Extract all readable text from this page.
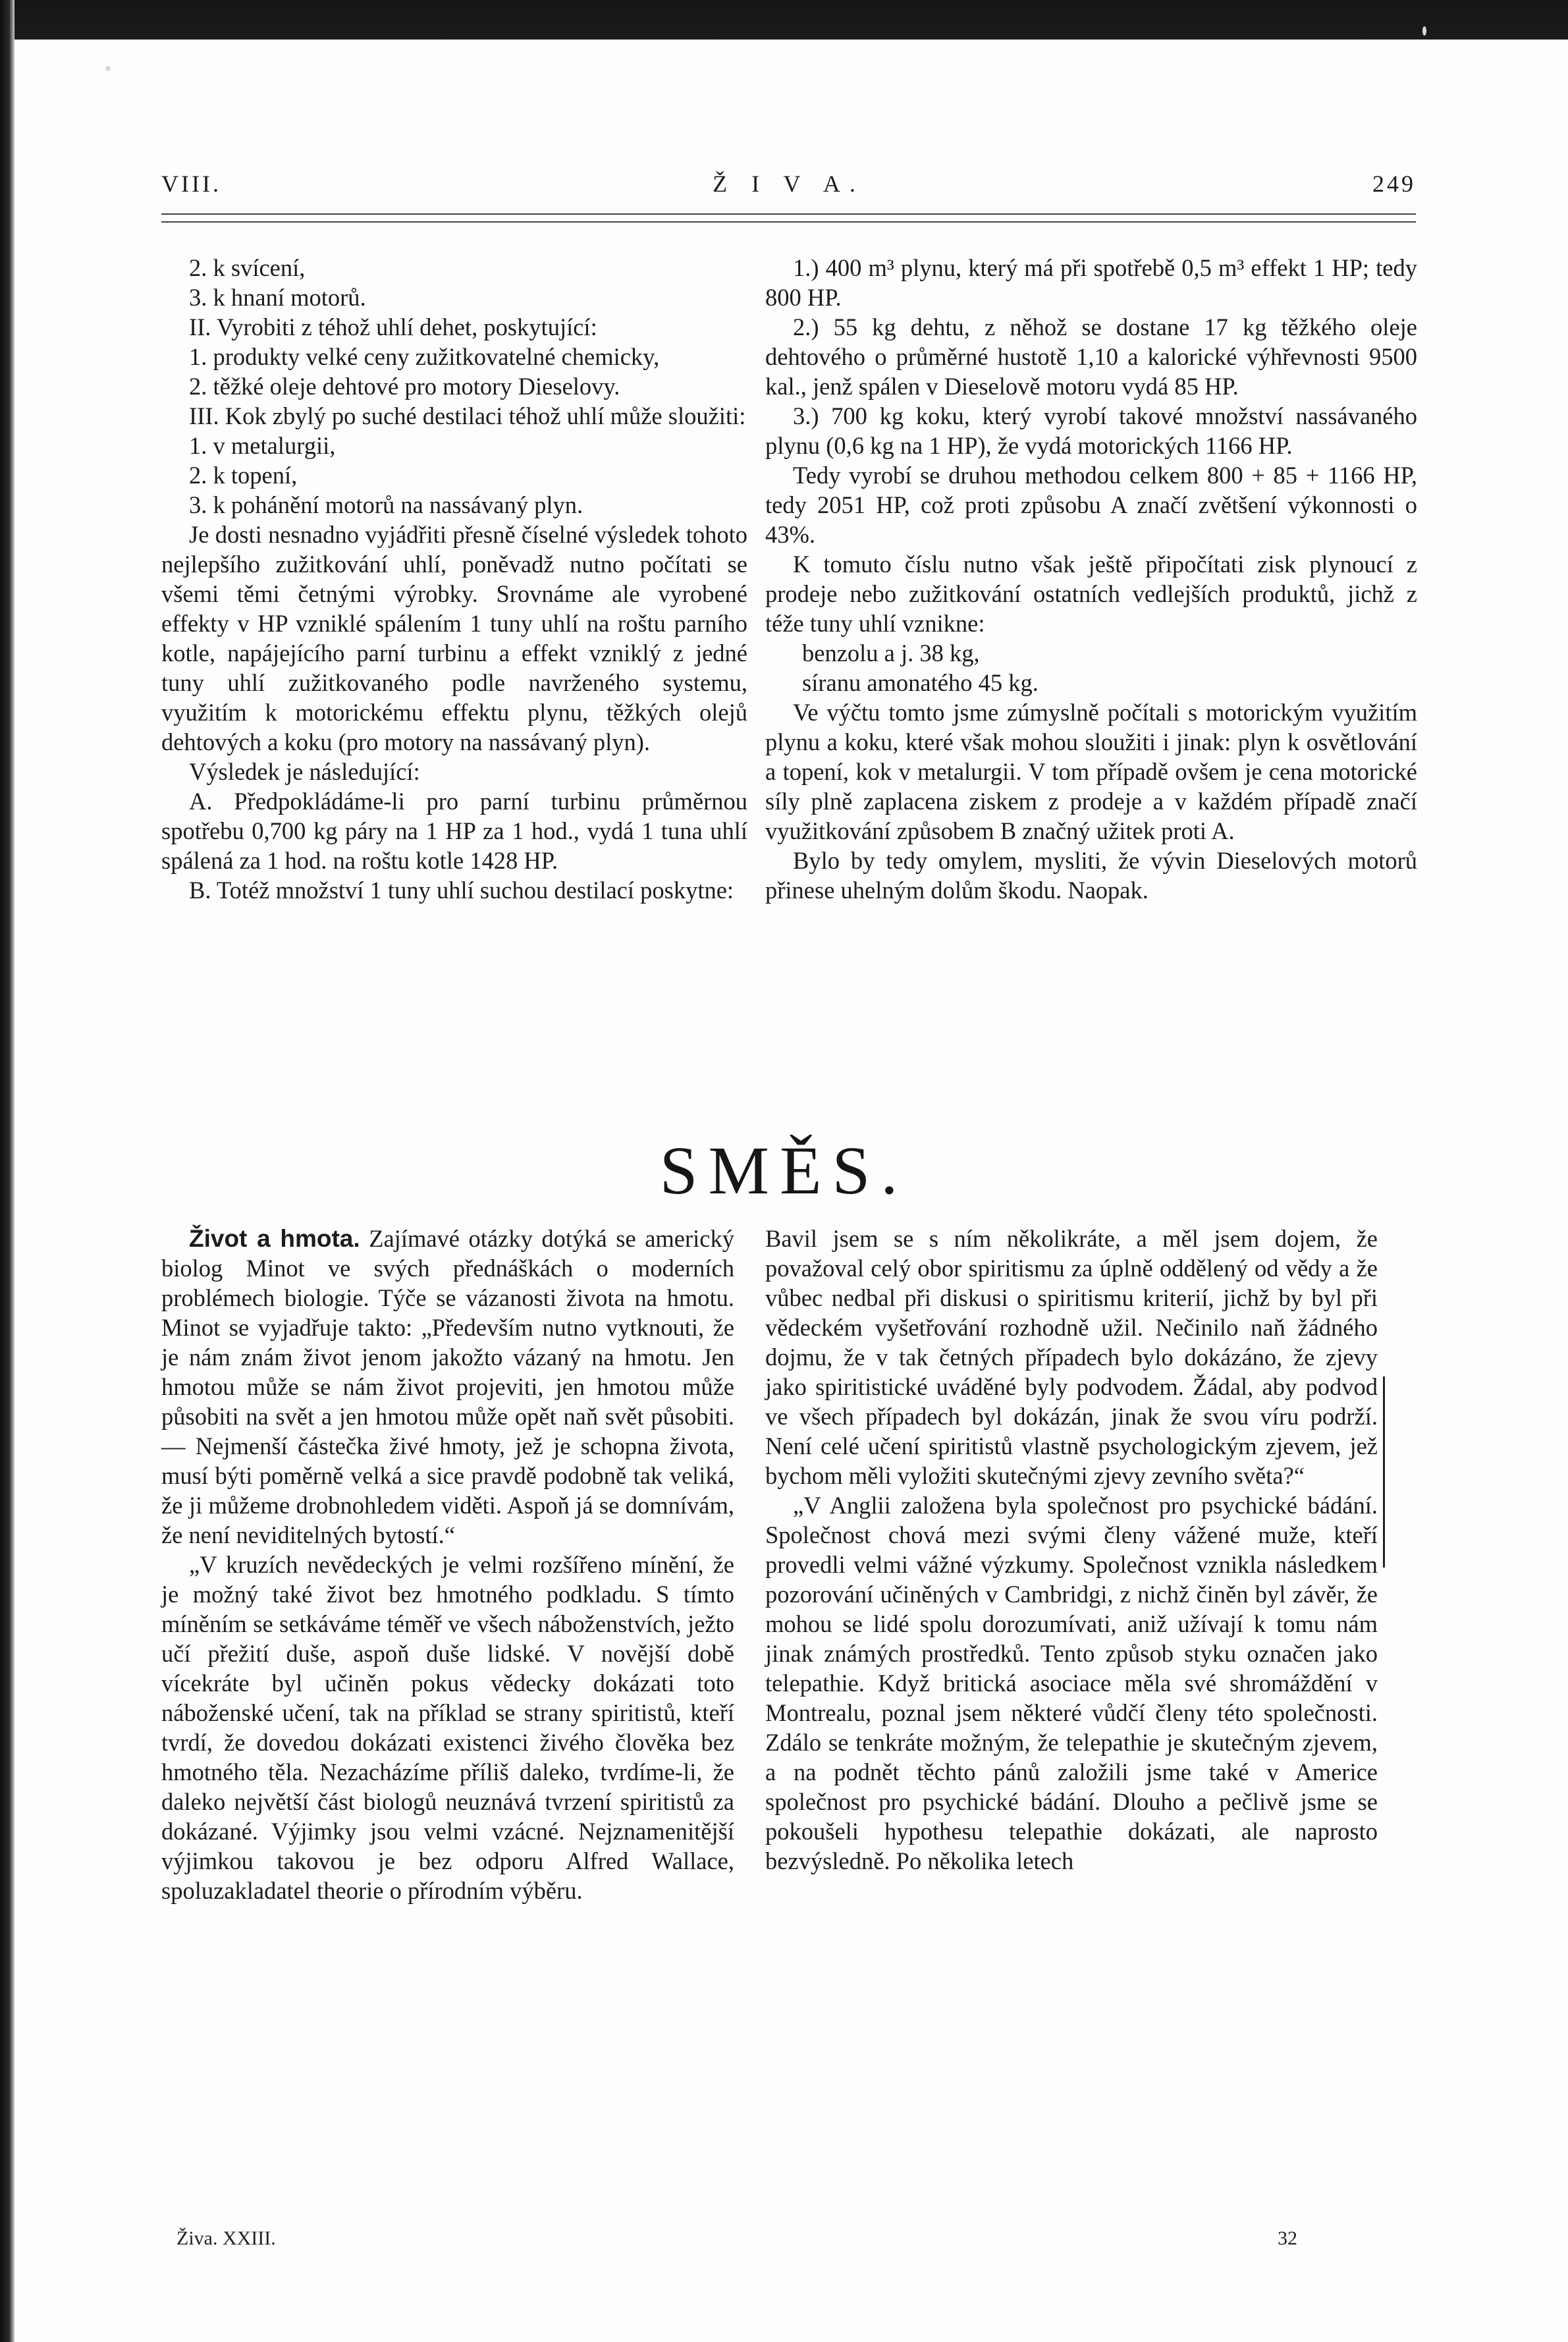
VIII.	Ž I V A.	249

2. k svícení,

3. k hnaní motorů.

II. Vyrobiti z téhož uhlí dehet, poskytující:

1. produkty velké ceny zužitkovatelné chemicky,

2. těžké oleje dehtové pro motory Dieselovy.

III. Kok zbylý po suché destilaci téhož uhlí může sloužiti:

1. v metalurgii,

2. k topení,

3. k pohánění motorů na nassávaný plyn.

Je dosti nesnadno vyjádřiti přesně číselné výsledek tohoto nejlepšího zužitkování uhlí, poněvadž nutno počítati se všemi těmi četnými výrobky. Srovnáme ale vyrobené effekty v HP vzniklé spálením 1 tuny uhlí na roštu parního kotle, napájejícího parní turbinu a effekt vzniklý z jedné tuny uhlí zužitkovaného podle navrženého systemu, využitím k motorickému effektu plynu, těžkých olejů dehtových a koku (pro motory na nassávaný plyn).

Výsledek je následující:

A. Předpokládáme-li pro parní turbinu průměrnou spotřebu 0,700 kg páry na 1 HP za 1 hod., vydá 1 tuna uhlí spálená za 1 hod. na roštu kotle 1428 HP.

B. Totéž množství 1 tuny uhlí suchou destilací poskytne:

1.) 400 m³ plynu, který má při spotřebě 0,5 m³ effekt 1 HP; tedy 800 HP.

2.) 55 kg dehtu, z něhož se dostane 17 kg těžkého oleje dehtového o průměrné hustotě 1,10 a kalorické výhřevnosti 9500 kal., jenž spálen v Dieselově motoru vydá 85 HP.

3.) 700 kg koku, který vyrobí takové množství nassávaného plynu (0,6 kg na 1 HP), že vydá motorických 1166 HP.

Tedy vyrobí se druhou methodou celkem 800 + 85 + 1166 HP, tedy 2051 HP, což proti způsobu A značí zvětšení výkonnosti o 43%.

K tomuto číslu nutno však ještě připočítati zisk plynoucí z prodeje nebo zužitkování ostatních vedlejších produktů, jichž z téže tuny uhlí vznikne:

benzolu a j. 38 kg,

síranu amonatého 45 kg.

Ve výčtu tomto jsme zúmyslně počítali s motorickým využitím plynu a koku, které však mohou sloužiti i jinak: plyn k osvětlování a topení, kok v metalurgii. V tom případě ovšem je cena motorické síly plně zaplacena ziskem z prodeje a v každém případě značí využitkování způsobem B značný užitek proti A.

Bylo by tedy omylem, mysliti, že vývin Dieselových motorů přinese uhelným dolům škodu. Naopak.

SMĚS.

Život a hmota. Zajímavé otázky dotýká se americký biolog Minot ve svých přednáškách o moderních problémech biologie. Týče se vázanosti života na hmotu. Minot se vyjadřuje takto: „Především nutno vytknouti, že je nám znám život jenom jakožto vázaný na hmotu. Jen hmotou může se nám život projeviti, jen hmotou může působiti na svět a jen hmotou může opět naň svět působiti. — Nejmenší částečka živé hmoty, jež je schopna života, musí býti poměrně velká a sice pravdě podobně tak veliká, že ji můžeme drobnohledem viděti. Aspoň já se domnívám, že není neviditelných bytostí.“

„V kruzích nevědeckých je velmi rozšířeno mínění, že je možný také život bez hmotného podkladu. S tímto míněním se setkáváme téměř ve všech náboženstvích, ježto učí přežití duše, aspoň duše lidské. V novější době vícekráte byl učiněn pokus vědecky dokázati toto náboženské učení, tak na příklad se strany spiritistů, kteří tvrdí, že dovedou dokázati existenci živého člověka bez hmotného těla. Nezacházíme příliš daleko, tvrdíme-li, že daleko největší část biologů neuznává tvrzení spiritistů za dokázané. Výjimky jsou velmi vzácné. Nejznamenitější výjimkou takovou je bez odporu Alfred Wallace, spoluzakladatel theorie o přírodním výběru.

Bavil jsem se s ním několikráte, a měl jsem dojem, že považoval celý obor spiritismu za úplně oddělený od vědy a že vůbec nedbal při diskusi o spiritismu kriterií, jichž by byl při vědeckém vyšetřování rozhodně užil. Nečinilo naň žádného dojmu, že v tak četných případech bylo dokázáno, že zjevy jako spiritistické uváděné byly podvodem. Žádal, aby podvod ve všech případech byl dokázán, jinak že svou víru podrží. Není celé učení spiritistů vlastně psychologickým zjevem, jež bychom měli vyložiti skutečnými zjevy zevního světa?“

„V Anglii založena byla společnost pro psychické bádání. Společnost chová mezi svými členy vážené muže, kteří provedli velmi vážné výzkumy. Společnost vznikla následkem pozorování učiněných v Cambridgi, z nichž činěn byl závěr, že mohou se lidé spolu dorozumívati, aniž užívají k tomu nám jinak známých prostředků. Tento způsob styku označen jako telepathie. Když britická asociace měla své shromáždění v Montrealu, poznal jsem některé vůdčí členy této společnosti. Zdálo se tenkráte možným, že telepathie je skutečným zjevem, a na podnět těchto pánů založili jsme také v Americe společnost pro psychické bádání. Dlouho a pečlivě jsme se pokoušeli hypothesu telepathie dokázati, ale naprosto bezvýsledně. Po několika letech

Živa. XXIII.	32
